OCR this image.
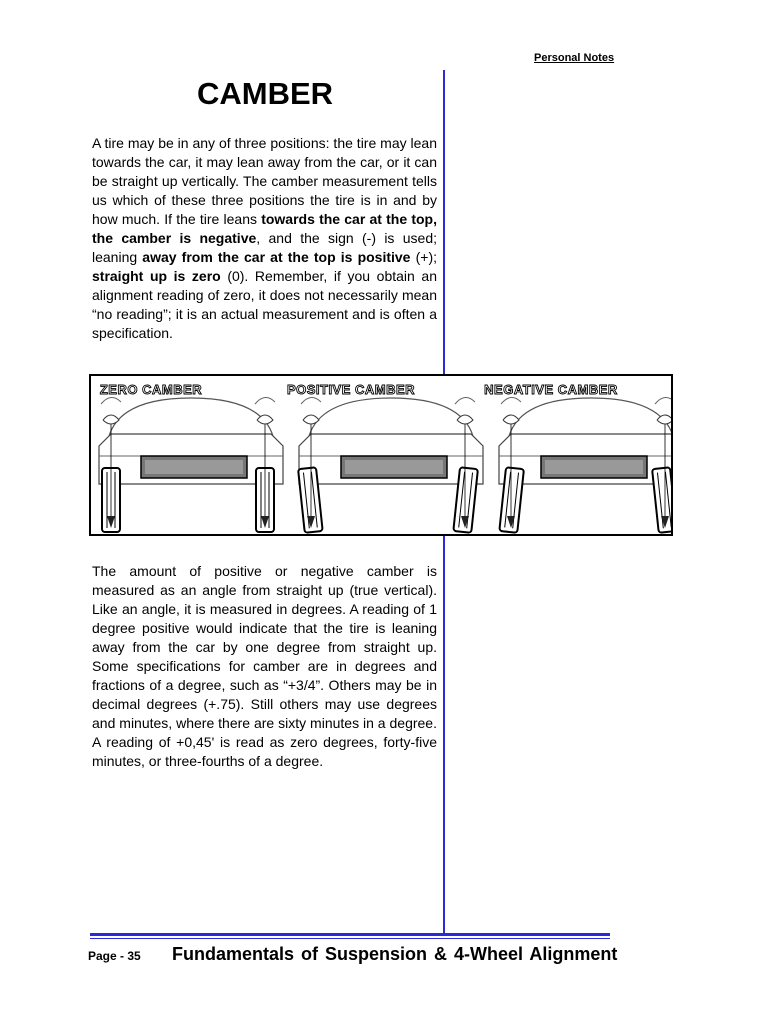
Personal Notes
CAMBER

A tire may be in any of three positions: the tire may lean towards the car, it may lean away from the car, or it can be straight up vertically. The camber measurement tells us which of these three positions the tire is in and by how much. If the tire leans towards the car at the top, the camber is negative, and the sign (-) is used; leaning away from the car at the top is positive (+); straight up is zero (0). Remember, if you obtain an alignment reading of zero, it does not necessarily mean “no reading”; it is an actual measurement and is often a specification.

ZERO CAMBER	POSITIVE CAMBER	NEGATIVE CAMBER

The amount of positive or negative camber is measured as an angle from straight up (true vertical). Like an angle, it is measured in degrees. A reading of 1 degree positive would indicate that the tire is leaning away from the car by one degree from straight up. Some specifications for camber are in degrees and fractions of a degree, such as “+3/4”. Others may be in decimal degrees (+.75). Still others may use degrees and minutes, where there are sixty minutes in a degree. A reading of +0,45' is read as zero degrees, forty-five minutes, or three-fourths of a degree.

Page - 35 Fundamentals of Suspension & 4-Wheel Alignment
